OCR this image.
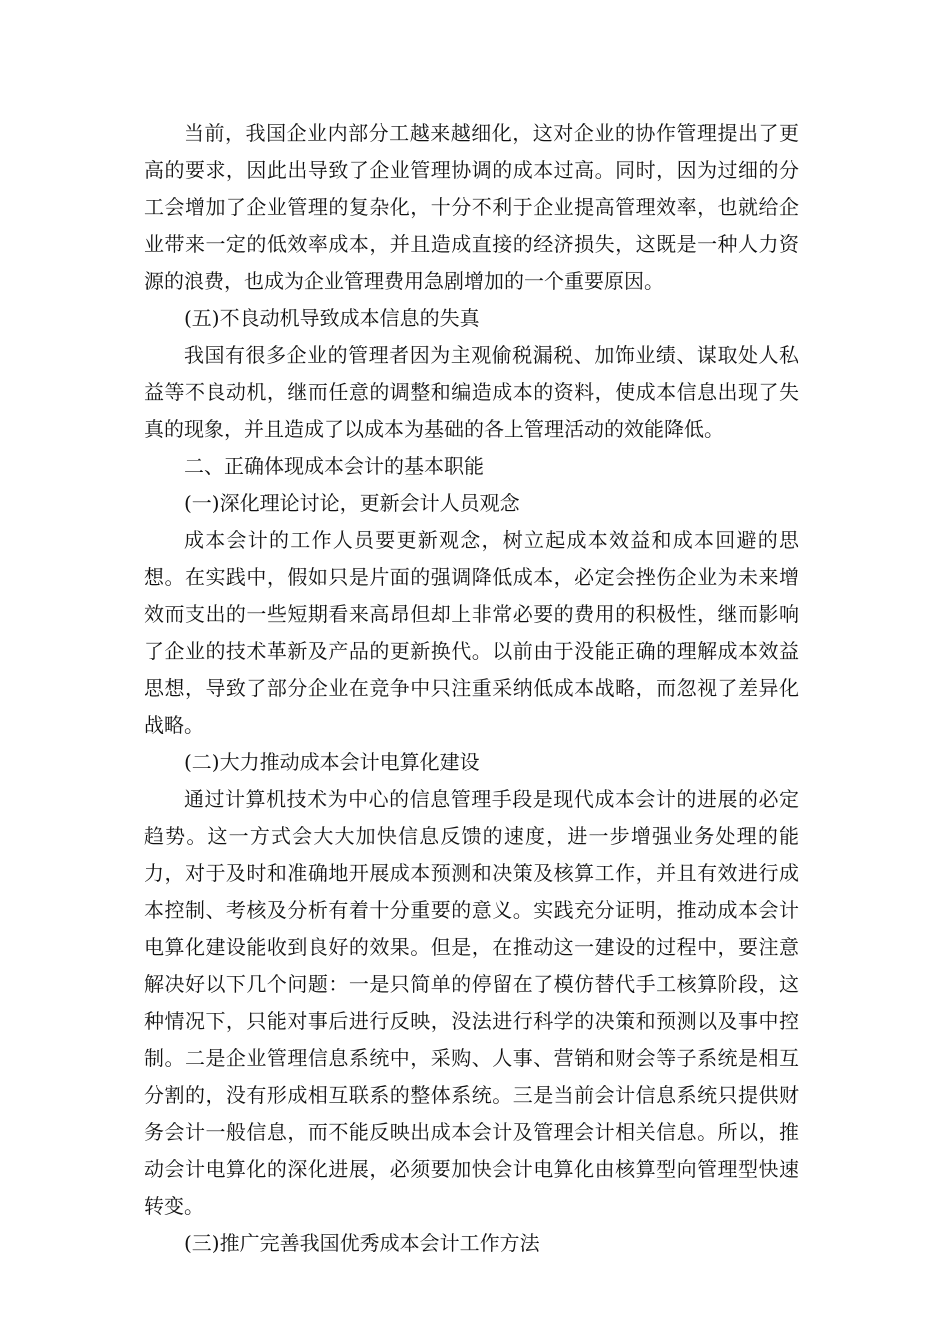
当前，我国企业内部分工越来越细化，这对企业的协作管理提出了更高的要求，因此出导致了企业管理协调的成本过高。同时，因为过细的分工会增加了企业管理的复杂化，十分不利于企业提高管理效率，也就给企业带来一定的低效率成本，并且造成直接的经济损失，这既是一种人力资源的浪费，也成为企业管理费用急剧增加的一个重要原因。

(五)不良动机导致成本信息的失真

我国有很多企业的管理者因为主观偷税漏税、加饰业绩、谋取处人私益等不良动机，继而任意的调整和编造成本的资料，使成本信息出现了失真的现象，并且造成了以成本为基础的各上管理活动的效能降低。

二、正确体现成本会计的基本职能

(一)深化理论讨论，更新会计人员观念

成本会计的工作人员要更新观念，树立起成本效益和成本回避的思想。在实践中，假如只是片面的强调降低成本，必定会挫伤企业为未来增效而支出的一些短期看来高昂但却上非常必要的费用的积极性，继而影响了企业的技术革新及产品的更新换代。以前由于没能正确的理解成本效益思想，导致了部分企业在竞争中只注重采纳低成本战略，而忽视了差异化战略。

(二)大力推动成本会计电算化建设

通过计算机技术为中心的信息管理手段是现代成本会计的进展的必定趋势。这一方式会大大加快信息反馈的速度，进一步增强业务处理的能力，对于及时和准确地开展成本预测和决策及核算工作，并且有效进行成本控制、考核及分析有着十分重要的意义。实践充分证明，推动成本会计电算化建设能收到良好的效果。但是，在推动这一建设的过程中，要注意解决好以下几个问题：一是只简单的停留在了模仿替代手工核算阶段，这种情况下，只能对事后进行反映，没法进行科学的决策和预测以及事中控制。二是企业管理信息系统中，采购、人事、营销和财会等子系统是相互分割的，没有形成相互联系的整体系统。三是当前会计信息系统只提供财务会计一般信息，而不能反映出成本会计及管理会计相关信息。所以，推动会计电算化的深化进展，必须要加快会计电算化由核算型向管理型快速转变。

(三)推广完善我国优秀成本会计工作方法
